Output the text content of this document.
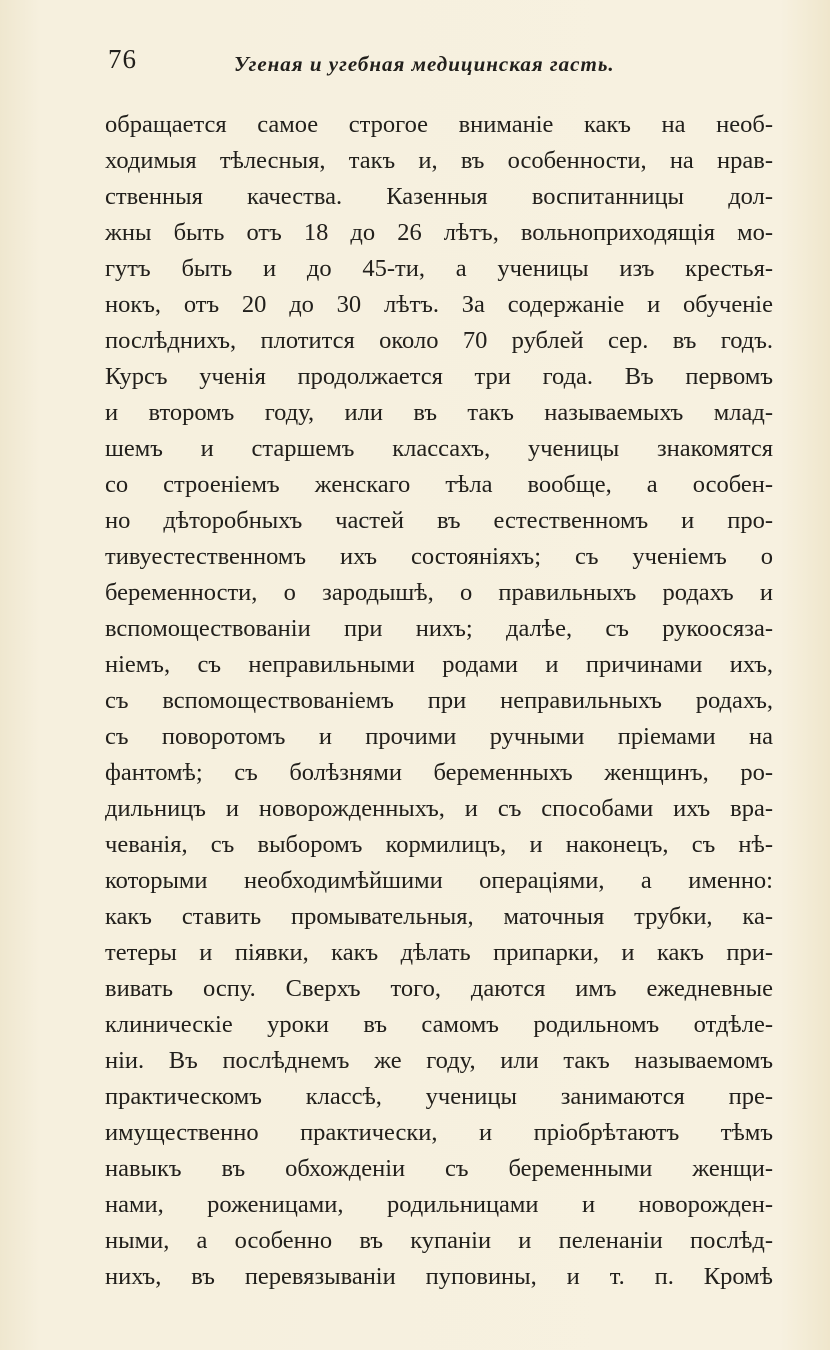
76	Угеная и угебная медицинская гасть.
обращается самое строгое вниманіе какъ на необ-
ходимыя тѣлесныя, такъ и, въ особенности, на нрав-
ственныя качества. Казенныя воспитанницы дол-
жны быть отъ 18 до 26 лѣтъ, вольноприходящія мо-
гутъ быть и до 45-ти, а ученицы изъ крестья-
нокъ, отъ 20 до 30 лѣтъ. За содержаніе и обученіе
послѣднихъ, плотится около 70 рублей сер. въ годъ.
Курсъ ученія продолжается три года. Въ первомъ
и второмъ году, или въ такъ называемыхъ млад-
шемъ и старшемъ классахъ, ученицы знакомятся
со строеніемъ женскаго тѣла вообще, а особен-
но дѣторобныхъ частей въ естественномъ и про-
тивуестественномъ ихъ состояніяхъ; съ ученіемъ о
беременности, о зародышѣ, о правильныхъ родахъ и
вспомоществованіи при нихъ; далѣе, съ рукоосяза-
ніемъ, съ неправильными родами и причинами ихъ,
съ вспомоществованіемъ при неправильныхъ родахъ,
съ поворотомъ и прочими ручными пріемами на
фантомѣ; съ болѣзнями беременныхъ женщинъ, ро-
дильницъ и новорожденныхъ, и съ способами ихъ вра-
чеванія, съ выборомъ кормилицъ, и наконецъ, съ нѣ-
которыми необходимѣйшими операціями, а именно:
какъ ставить промывательныя, маточныя трубки, ка-
тетеры и піявки, какъ дѣлать припарки, и какъ при-
вивать оспу. Сверхъ того, даются имъ ежедневные
клиническіе уроки въ самомъ родильномъ отдѣле-
ніи. Въ послѣднемъ же году, или такъ называемомъ
практическомъ классѣ, ученицы занимаются пре-
имущественно практически, и пріобрѣтаютъ тѣмъ
навыкъ въ обхожденіи съ беременными женщи-
нами, роженицами, родильницами и новорожден-
ными, а особенно въ купаніи и пеленаніи послѣд-
нихъ, въ перевязываніи пуповины, и т. п. Кромѣ
